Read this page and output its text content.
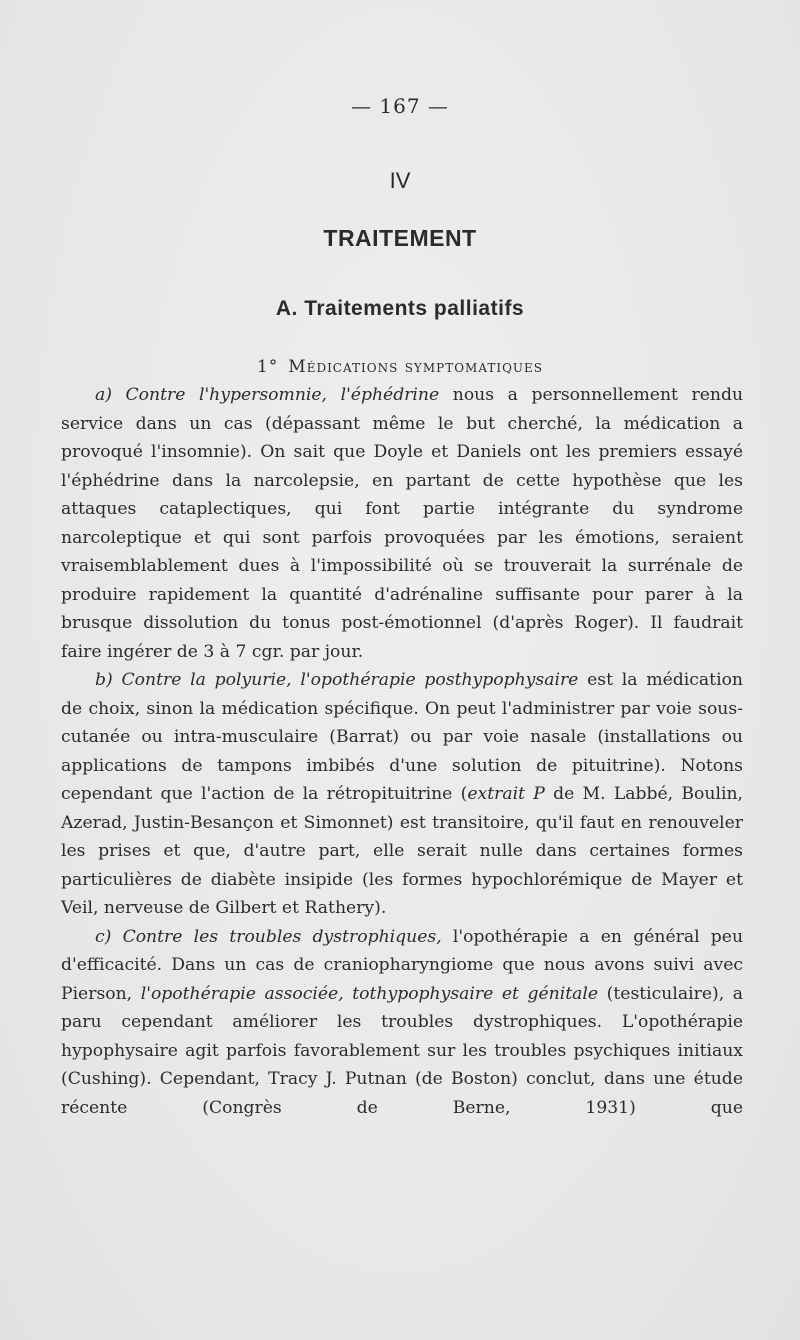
— 167 —
IV
TRAITEMENT
A. Traitements palliatifs
1° Médications symptomatiques

a) Contre l'hypersomnie, l'éphédrine nous a personnellement rendu service dans un cas (dépassant même le but cherché, la médication a provoqué l'insomnie). On sait que Doyle et Daniels ont les premiers essayé l'éphédrine dans la narcolepsie, en partant de cette hypothèse que les attaques cataplectiques, qui font partie intégrante du syndrome narcoleptique et qui sont parfois provoquées par les émotions, seraient vraisemblablement dues à l'impossibilité où se trouverait la surrénale de produire rapidement la quantité d'adrénaline suffisante pour parer à la brusque dissolution du tonus post-émotionnel (d'après Roger). Il faudrait faire ingérer de 3 à 7 cgr. par jour.

b) Contre la polyurie, l'opothérapie posthypophysaire est la médication de choix, sinon la médication spécifique. On peut l'administrer par voie sous-cutanée ou intra-musculaire (Barrat) ou par voie nasale (installations ou applications de tampons imbibés d'une solution de pituitrine). Notons cependant que l'action de la rétropituitrine (extrait P de M. Labbé, Boulin, Azerad, Justin-Besançon et Simonnet) est transitoire, qu'il faut en renouveler les prises et que, d'autre part, elle serait nulle dans certaines formes particulières de diabète insipide (les formes hypochlorémique de Mayer et Veil, nerveuse de Gilbert et Rathery).

c) Contre les troubles dystrophiques, l'opothérapie a en général peu d'efficacité. Dans un cas de craniopharyngiome que nous avons suivi avec Pierson, l'opothérapie associée, tothypophysaire et génitale (testiculaire), a paru cependant améliorer les troubles dystrophiques. L'opothérapie hypophysaire agit parfois favorablement sur les troubles psychiques initiaux (Cushing). Cependant, Tracy J. Putnan (de Boston) conclut, dans une étude récente (Congrès de Berne, 1931) que
